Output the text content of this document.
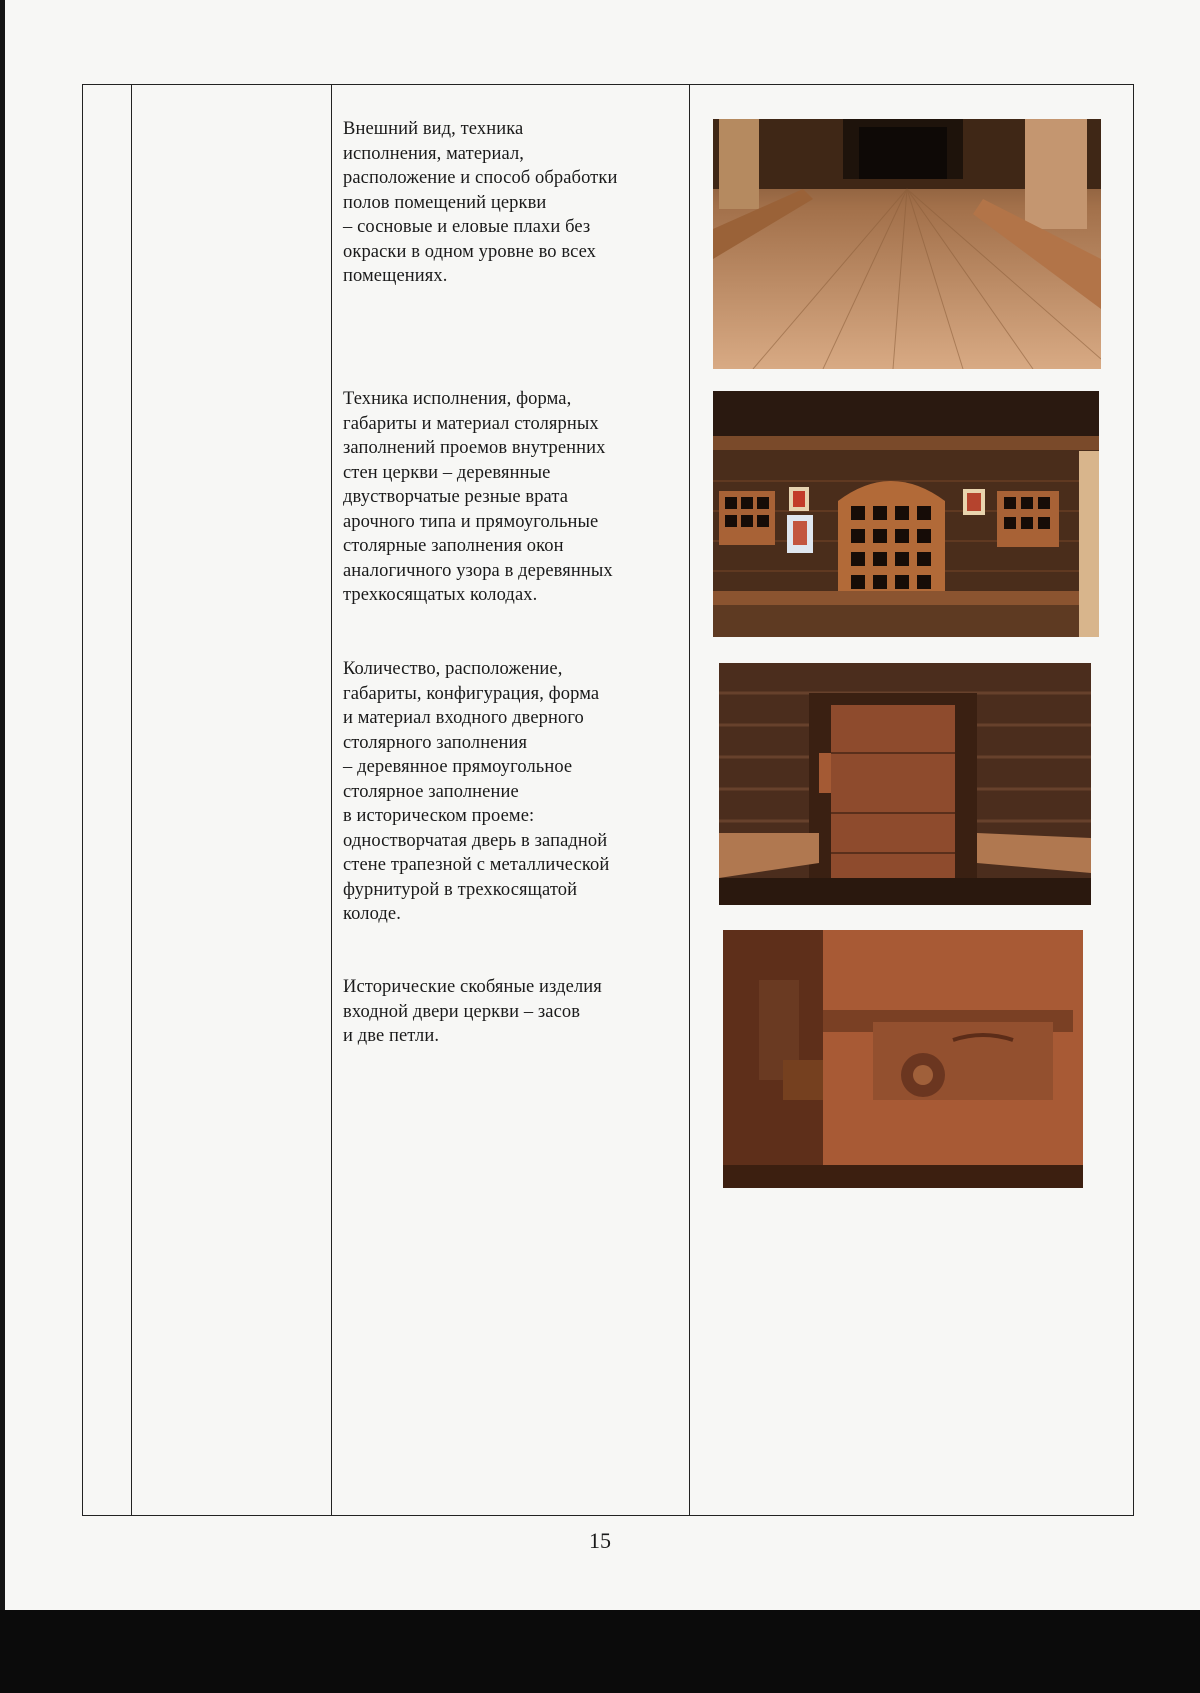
Внешний вид, техника
исполнения, материал,
расположение и способ обработки
полов помещений церкви
– сосновые и еловые плахи без
окраски в одном уровне во всех
помещениях.
Техника исполнения, форма,
габариты и материал столярных
заполнений проемов внутренних
стен церкви – деревянные
двустворчатые резные врата
арочного типа и прямоугольные
столярные заполнения окон
аналогичного узора в деревянных
трехкосящатых колодах.
Количество, расположение,
габариты, конфигурация, форма
и материал входного дверного
столярного заполнения
– деревянное прямоугольное
столярное заполнение
в историческом проеме:
одностворчатая дверь в западной
стене трапезной с металлической
фурнитурой в трехкосящатой
колоде.
Исторические скобяные изделия
входной двери церкви – засов
и две петли.
15
